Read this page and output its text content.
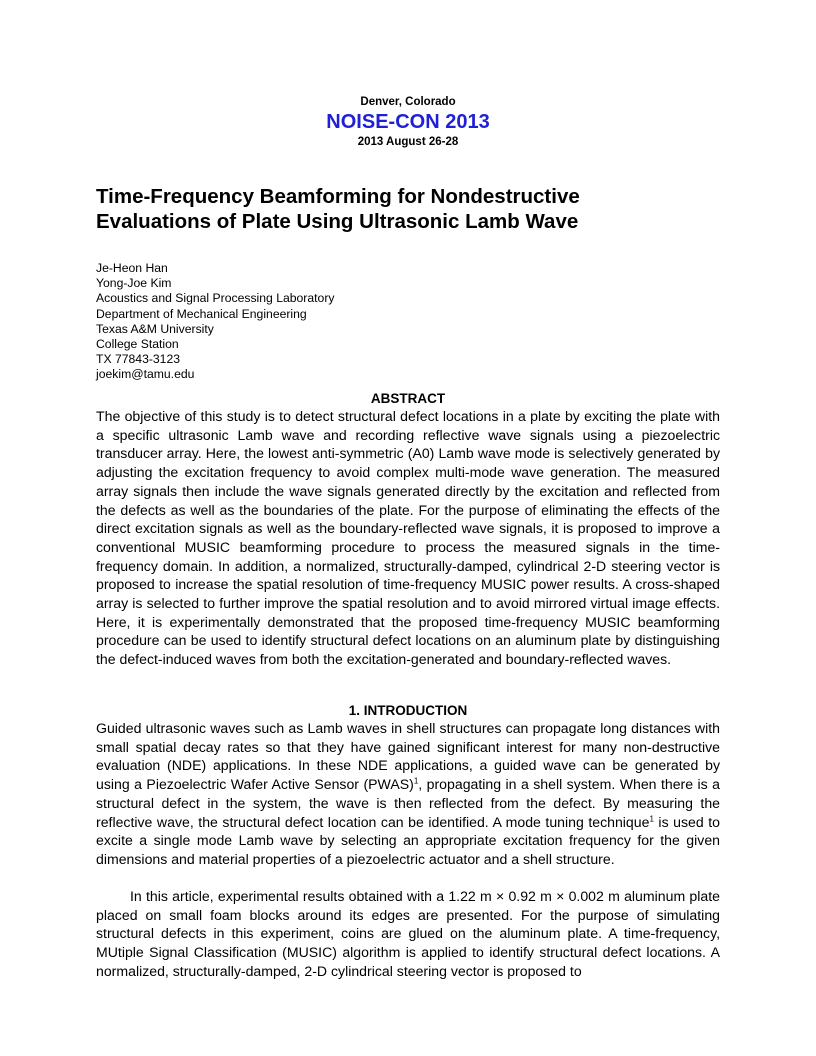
Denver, Colorado
NOISE-CON 2013
2013 August 26-28
Time-Frequency Beamforming for Nondestructive
Evaluations of Plate Using Ultrasonic Lamb Wave
Je-Heon Han
Yong-Joe Kim
Acoustics and Signal Processing Laboratory
Department of Mechanical Engineering
Texas A&M University
College Station
TX 77843-3123
joekim@tamu.edu
ABSTRACT
The objective of this study is to detect structural defect locations in a plate by exciting the plate with a specific ultrasonic Lamb wave and recording reflective wave signals using a piezoelectric transducer array. Here, the lowest anti-symmetric (A0) Lamb wave mode is selectively generated by adjusting the excitation frequency to avoid complex multi-mode wave generation. The measured array signals then include the wave signals generated directly by the excitation and reflected from the defects as well as the boundaries of the plate. For the purpose of eliminating the effects of the direct excitation signals as well as the boundary-reflected wave signals, it is proposed to improve a conventional MUSIC beamforming procedure to process the measured signals in the time-frequency domain. In addition, a normalized, structurally-damped, cylindrical 2-D steering vector is proposed to increase the spatial resolution of time-frequency MUSIC power results. A cross-shaped array is selected to further improve the spatial resolution and to avoid mirrored virtual image effects. Here, it is experimentally demonstrated that the proposed time-frequency MUSIC beamforming procedure can be used to identify structural defect locations on an aluminum plate by distinguishing the defect-induced waves from both the excitation-generated and boundary-reflected waves.
1. INTRODUCTION
Guided ultrasonic waves such as Lamb waves in shell structures can propagate long distances with small spatial decay rates so that they have gained significant interest for many non-destructive evaluation (NDE) applications. In these NDE applications, a guided wave can be generated by using a Piezoelectric Wafer Active Sensor (PWAS)$^1$, propagating in a shell system. When there is a structural defect in the system, the wave is then reflected from the defect. By measuring the reflective wave, the structural defect location can be identified. A mode tuning technique$^1$ is used to excite a single mode Lamb wave by selecting an appropriate excitation frequency for the given dimensions and material properties of a piezoelectric actuator and a shell structure.
In this article, experimental results obtained with a 1.22 m × 0.92 m × 0.002 m aluminum plate placed on small foam blocks around its edges are presented. For the purpose of simulating structural defects in this experiment, coins are glued on the aluminum plate. A time-frequency, MUtiple Signal Classification (MUSIC) algorithm is applied to identify structural defect locations. A normalized, structurally-damped, 2-D cylindrical steering vector is proposed to
